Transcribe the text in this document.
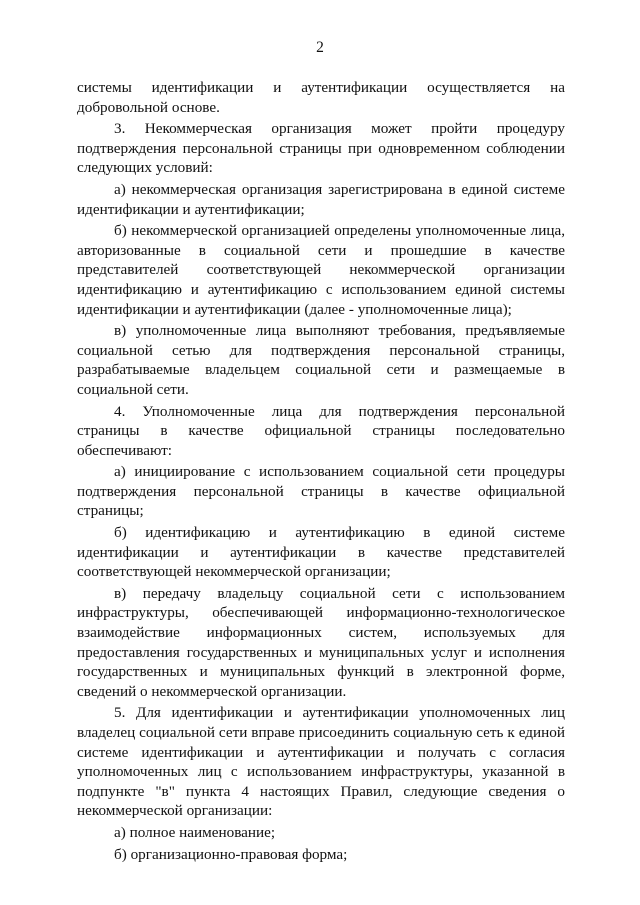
2

системы идентификации и аутентификации осуществляется на добровольной основе.

3. Некоммерческая организация может пройти процедуру подтверждения персональной страницы при одновременном соблюдении следующих условий:

а) некоммерческая организация зарегистрирована в единой системе идентификации и аутентификации;

б) некоммерческой организацией определены уполномоченные лица, авторизованные в социальной сети и прошедшие в качестве представителей соответствующей некоммерческой организации идентификацию и аутентификацию с использованием единой системы идентификации и аутентификации (далее - уполномоченные лица);

в) уполномоченные лица выполняют требования, предъявляемые социальной сетью для подтверждения персональной страницы, разрабатываемые владельцем социальной сети и размещаемые в социальной сети.

4. Уполномоченные лица для подтверждения персональной страницы в качестве официальной страницы последовательно обеспечивают:

а) инициирование с использованием социальной сети процедуры подтверждения персональной страницы в качестве официальной страницы;

б) идентификацию и аутентификацию в единой системе идентификации и аутентификации в качестве представителей соответствующей некоммерческой организации;

в) передачу владельцу социальной сети с использованием инфраструктуры, обеспечивающей информационно-технологическое взаимодействие информационных систем, используемых для предоставления государственных и муниципальных услуг и исполнения государственных и муниципальных функций в электронной форме, сведений о некоммерческой организации.

5. Для идентификации и аутентификации уполномоченных лиц владелец социальной сети вправе присоединить социальную сеть к единой системе идентификации и аутентификации и получать с согласия уполномоченных лиц с использованием инфраструктуры, указанной в подпункте "в" пункта 4 настоящих Правил, следующие сведения о некоммерческой организации:

а) полное наименование;

б) организационно-правовая форма;
